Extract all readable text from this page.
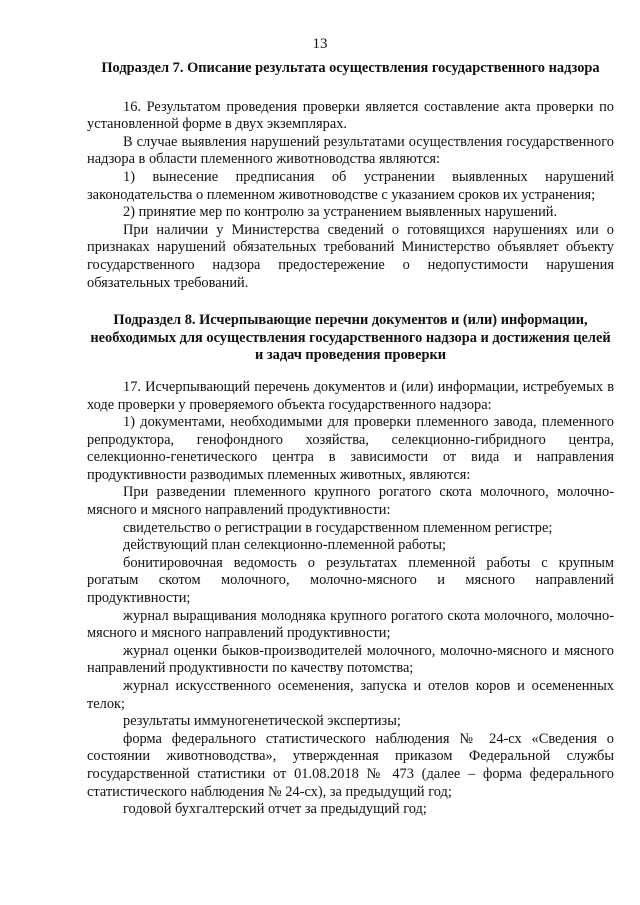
13

Подраздел 7. Описание результата осуществления государственного надзора

16. Результатом проведения проверки является составление акта проверки по установленной форме в двух экземплярах.

В случае выявления нарушений результатами осуществления государственного надзора в области племенного животноводства являются:

1) вынесение предписания об устранении выявленных нарушений законодательства о племенном животноводстве с указанием сроков их устранения;

2) принятие мер по контролю за устранением выявленных нарушений.

При наличии у Министерства сведений о готовящихся нарушениях или о признаках нарушений обязательных требований Министерство объявляет объекту государственного надзора предостережение о недопустимости нарушения обязательных требований.

Подраздел 8. Исчерпывающие перечни документов и (или) информации, необходимых для осуществления государственного надзора и достижения целей и задач проведения проверки

17. Исчерпывающий перечень документов и (или) информации, истребуемых в ходе проверки у проверяемого объекта государственного надзора:

1) документами, необходимыми для проверки племенного завода, племенного репродуктора, генофондного хозяйства, селекционно-гибридного центра, селекционно-генетического центра в зависимости от вида и направления продуктивности разводимых племенных животных, являются:

При разведении племенного крупного рогатого скота молочного, молочно-мясного и мясного направлений продуктивности:

свидетельство о регистрации в государственном племенном регистре;

действующий план селекционно-племенной работы;

бонитировочная ведомость о результатах племенной работы с крупным рогатым скотом молочного, молочно-мясного и мясного направлений продуктивности;

журнал выращивания молодняка крупного рогатого скота молочного, молочно-мясного и мясного направлений продуктивности;

журнал оценки быков-производителей молочного, молочно-мясного и мясного направлений продуктивности по качеству потомства;

журнал искусственного осеменения, запуска и отелов коров и осемененных телок;

результаты иммуногенетической экспертизы;

форма федерального статистического наблюдения № 24-сх «Сведения о состоянии животноводства», утвержденная приказом Федеральной службы государственной статистики от 01.08.2018 № 473 (далее – форма федерального статистического наблюдения № 24-сх), за предыдущий год;

годовой бухгалтерский отчет за предыдущий год;
